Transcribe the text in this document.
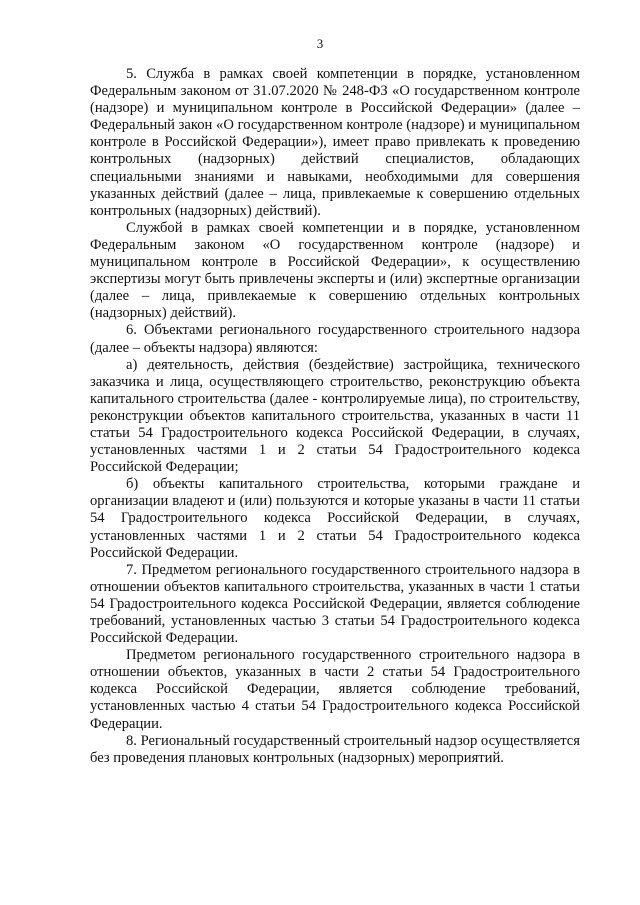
3

5. Служба в рамках своей компетенции в порядке, установленном Федеральным законом от 31.07.2020 № 248-ФЗ «О государственном контроле (надзоре) и муниципальном контроле в Российской Федерации» (далее – Федеральный закон «О государственном контроле (надзоре) и муниципальном контроле в Российской Федерации»), имеет право привлекать к проведению контрольных (надзорных) действий специалистов, обладающих специальными знаниями и навыками, необходимыми для совершения указанных действий (далее – лица, привлекаемые к совершению отдельных контрольных (надзорных) действий).

Службой в рамках своей компетенции и в порядке, установленном Федеральным законом «О государственном контроле (надзоре) и муниципальном контроле в Российской Федерации», к осуществлению экспертизы могут быть привлечены эксперты и (или) экспертные организации (далее – лица, привлекаемые к совершению отдельных контрольных (надзорных) действий).

6. Объектами регионального государственного строительного надзора (далее – объекты надзора) являются:

а) деятельность, действия (бездействие) застройщика, технического заказчика и лица, осуществляющего строительство, реконструкцию объекта капитального строительства (далее - контролируемые лица), по строительству, реконструкции объектов капитального строительства, указанных в части 11 статьи 54 Градостроительного кодекса Российской Федерации, в случаях, установленных частями 1 и 2 статьи 54 Градостроительного кодекса Российской Федерации;

б) объекты капитального строительства, которыми граждане и организации владеют и (или) пользуются и которые указаны в части 11 статьи 54 Градостроительного кодекса Российской Федерации, в случаях, установленных частями 1 и 2 статьи 54 Градостроительного кодекса Российской Федерации.

7. Предметом регионального государственного строительного надзора в отношении объектов капитального строительства, указанных в части 1 статьи 54 Градостроительного кодекса Российской Федерации, является соблюдение требований, установленных частью 3 статьи 54 Градостроительного кодекса Российской Федерации.

Предметом регионального государственного строительного надзора в отношении объектов, указанных в части 2 статьи 54 Градостроительного кодекса Российской Федерации, является соблюдение требований, установленных частью 4 статьи 54 Градостроительного кодекса Российской Федерации.

8. Региональный государственный строительный надзор осуществляется без проведения плановых контрольных (надзорных) мероприятий.
